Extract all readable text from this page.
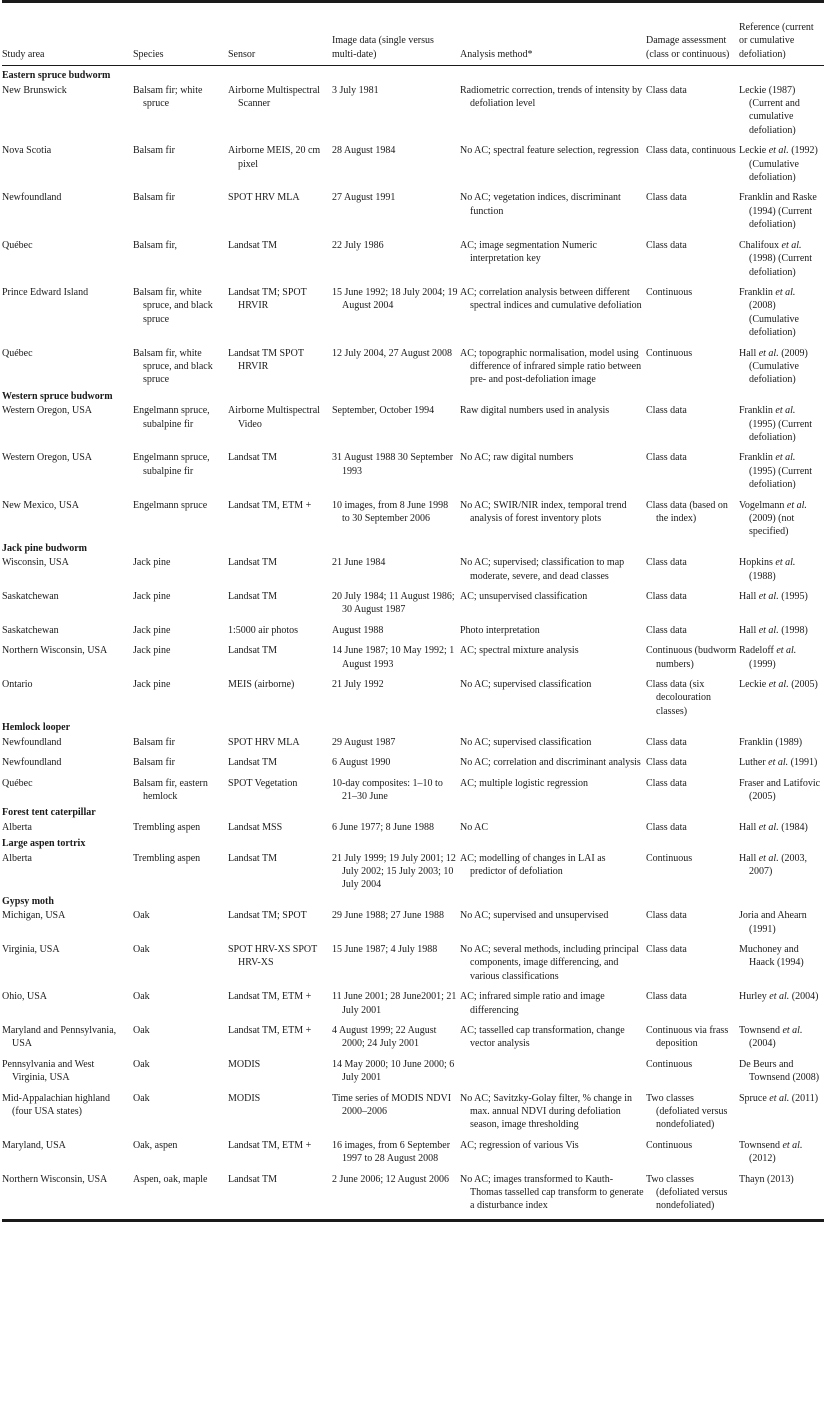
Study area	Species	Sensor	Image data (single versus multi-date)	Analysis method*	Damage assessment (class or continuous)	Reference (current or cumulative defoliation)

Eastern spruce budworm						

New Brunswick	Balsam fir; white spruce	Airborne Multispectral Scanner	3 July 1981	Radiometric correction, trends of intensity by defoliation level	Class data	Leckie (1987) (Current and cumulative defoliation)

Nova Scotia	Balsam fir	Airborne MEIS, 20 cm pixel	28 August 1984	No AC; spectral feature selection, regression	Class data, continuous	Leckie et al. (1992) (Cumulative defoliation)

Newfoundland	Balsam fir	SPOT HRV MLA	27 August 1991	No AC; vegetation indices, discriminant function	Class data	Franklin and Raske (1994) (Current defoliation)

Québec	Balsam fir,	Landsat TM	22 July 1986	AC; image segmentation Numeric interpretation key	Class data	Chalifoux et al. (1998) (Current defoliation)

Prince Edward Island	Balsam fir, white spruce, and black spruce	Landsat TM; SPOT HRVIR	15 June 1992; 18 July 2004; 19 August 2004	AC; correlation analysis between different spectral indices and cumulative defoliation	Continuous	Franklin et al. (2008) (Cumulative defoliation)

Québec	Balsam fir, white spruce, and black spruce	Landsat TM SPOT HRVIR	12 July 2004, 27 August 2008	AC; topographic normalisation, model using difference of infrared simple ratio between pre- and post-defoliation image	Continuous	Hall et al. (2009) (Cumulative defoliation)

Western spruce budworm						

Western Oregon, USA	Engelmann spruce, subalpine fir	Airborne Multispectral Video	September, October 1994	Raw digital numbers used in analysis	Class data	Franklin et al. (1995) (Current defoliation)

Western Oregon, USA	Engelmann spruce, subalpine fir	Landsat TM	31 August 1988 30 September 1993	No AC; raw digital numbers	Class data	Franklin et al. (1995) (Current defoliation)

New Mexico, USA	Engelmann spruce	Landsat TM, ETM +	10 images, from 8 June 1998 to 30 September 2006	No AC; SWIR/NIR index, temporal trend analysis of forest inventory plots	Class data (based on the index)	Vogelmann et al. (2009) (not specified)

Jack pine budworm						

Wisconsin, USA	Jack pine	Landsat TM	21 June 1984	No AC; supervised; classification to map moderate, severe, and dead classes	Class data	Hopkins et al. (1988)

Saskatchewan	Jack pine	Landsat TM	20 July 1984; 11 August 1986; 30 August 1987	AC; unsupervised classification	Class data	Hall et al. (1995)

Saskatchewan	Jack pine	1:5000 air photos	August 1988	Photo interpretation	Class data	Hall et al. (1998)

Northern Wisconsin, USA	Jack pine	Landsat TM	14 June 1987; 10 May 1992; 1 August 1993	AC; spectral mixture analysis	Continuous (budworm numbers)	Radeloff et al. (1999)

Ontario	Jack pine	MEIS (airborne)	21 July 1992	No AC; supervised classification	Class data (six decolouration classes)	Leckie et al. (2005)

Hemlock looper						

Newfoundland	Balsam fir	SPOT HRV MLA	29 August 1987	No AC; supervised classification	Class data	Franklin (1989)

Newfoundland	Balsam fir	Landsat TM	6 August 1990	No AC; correlation and discriminant analysis	Class data	Luther et al. (1991)

Québec	Balsam fir, eastern hemlock	SPOT Vegetation	10-day composites: 1–10 to 21–30 June	AC; multiple logistic regression	Class data	Fraser and Latifovic (2005)

Forest tent caterpillar						

Alberta	Trembling aspen	Landsat MSS	6 June 1977; 8 June 1988	No AC	Class data	Hall et al. (1984)

Large aspen tortrix						

Alberta	Trembling aspen	Landsat TM	21 July 1999; 19 July 2001; 12 July 2002; 15 July 2003; 10 July 2004	AC; modelling of changes in LAI as predictor of defoliation	Continuous	Hall et al. (2003, 2007)

Gypsy moth						

Michigan, USA	Oak	Landsat TM; SPOT	29 June 1988; 27 June 1988	No AC; supervised and unsupervised	Class data	Joria and Ahearn (1991)

Virginia, USA	Oak	SPOT HRV-XS SPOT HRV-XS	15 June 1987; 4 July 1988	No AC; several methods, including principal components, image differencing, and various classifications	Class data	Muchoney and Haack (1994)

Ohio, USA	Oak	Landsat TM, ETM +	11 June 2001; 28 June2001; 21 July 2001	AC; infrared simple ratio and image differencing	Class data	Hurley et al. (2004)

Maryland and Pennsylvania, USA	Oak	Landsat TM, ETM +	4 August 1999; 22 August 2000; 24 July 2001	AC; tasselled cap transformation, change vector analysis	Continuous via frass deposition	Townsend et al. (2004)

Pennsylvania and West Virginia, USA	Oak	MODIS	14 May 2000; 10 June 2000; 6 July 2001		Continuous	De Beurs and Townsend (2008)

Mid-Appalachian highland (four USA states)	Oak	MODIS	Time series of MODIS NDVI 2000–2006	No AC; Savitzky-Golay filter, % change in max. annual NDVI during defoliation season, image thresholding	Two classes (defoliated versus nondefoliated)	Spruce et al. (2011)

Maryland, USA	Oak, aspen	Landsat TM, ETM +	16 images, from 6 September 1997 to 28 August 2008	AC; regression of various Vis	Continuous	Townsend et al. (2012)

Northern Wisconsin, USA	Aspen, oak, maple	Landsat TM	2 June 2006; 12 August 2006	No AC; images transformed to Kauth-Thomas tasselled cap transform to generate a disturbance index	Two classes (defoliated versus nondefoliated)	Thayn (2013)
